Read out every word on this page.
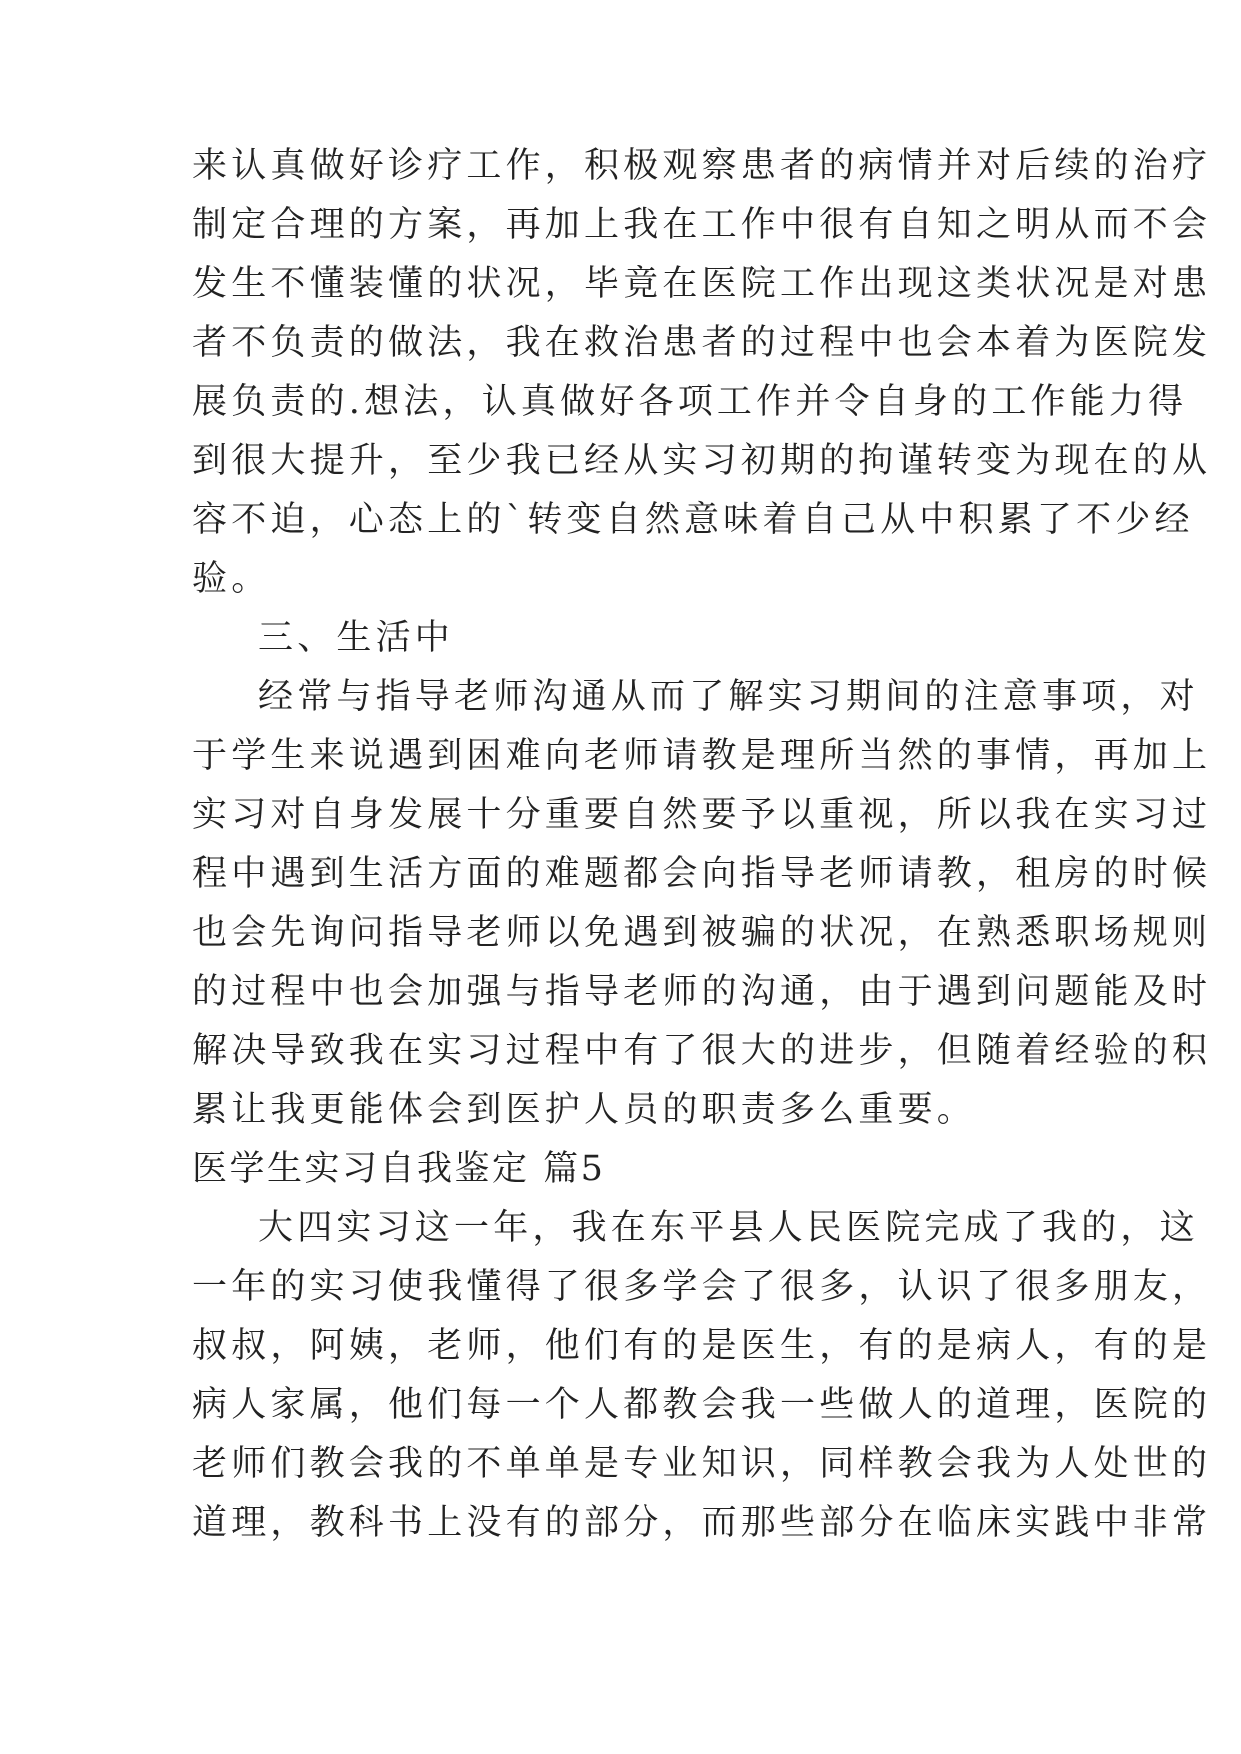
来认真做好诊疗工作，积极观察患者的病情并对后续的治疗
制定合理的方案，再加上我在工作中很有自知之明从而不会
发生不懂装懂的状况，毕竟在医院工作出现这类状况是对患
者不负责的做法，我在救治患者的过程中也会本着为医院发
展负责的.想法，认真做好各项工作并令自身的工作能力得
到很大提升，至少我已经从实习初期的拘谨转变为现在的从
容不迫，心态上的`转变自然意味着自己从中积累了不少经
验。
三、生活中
经常与指导老师沟通从而了解实习期间的注意事项，对
于学生来说遇到困难向老师请教是理所当然的事情，再加上
实习对自身发展十分重要自然要予以重视，所以我在实习过
程中遇到生活方面的难题都会向指导老师请教，租房的时候
也会先询问指导老师以免遇到被骗的状况，在熟悉职场规则
的过程中也会加强与指导老师的沟通，由于遇到问题能及时
解决导致我在实习过程中有了很大的进步，但随着经验的积
累让我更能体会到医护人员的职责多么重要。
医学生实习自我鉴定 篇5
大四实习这一年，我在东平县人民医院完成了我的，这
一年的实习使我懂得了很多学会了很多，认识了很多朋友，
叔叔，阿姨，老师，他们有的是医生，有的是病人，有的是
病人家属，他们每一个人都教会我一些做人的道理，医院的
老师们教会我的不单单是专业知识，同样教会我为人处世的
道理，教科书上没有的部分，而那些部分在临床实践中非常
